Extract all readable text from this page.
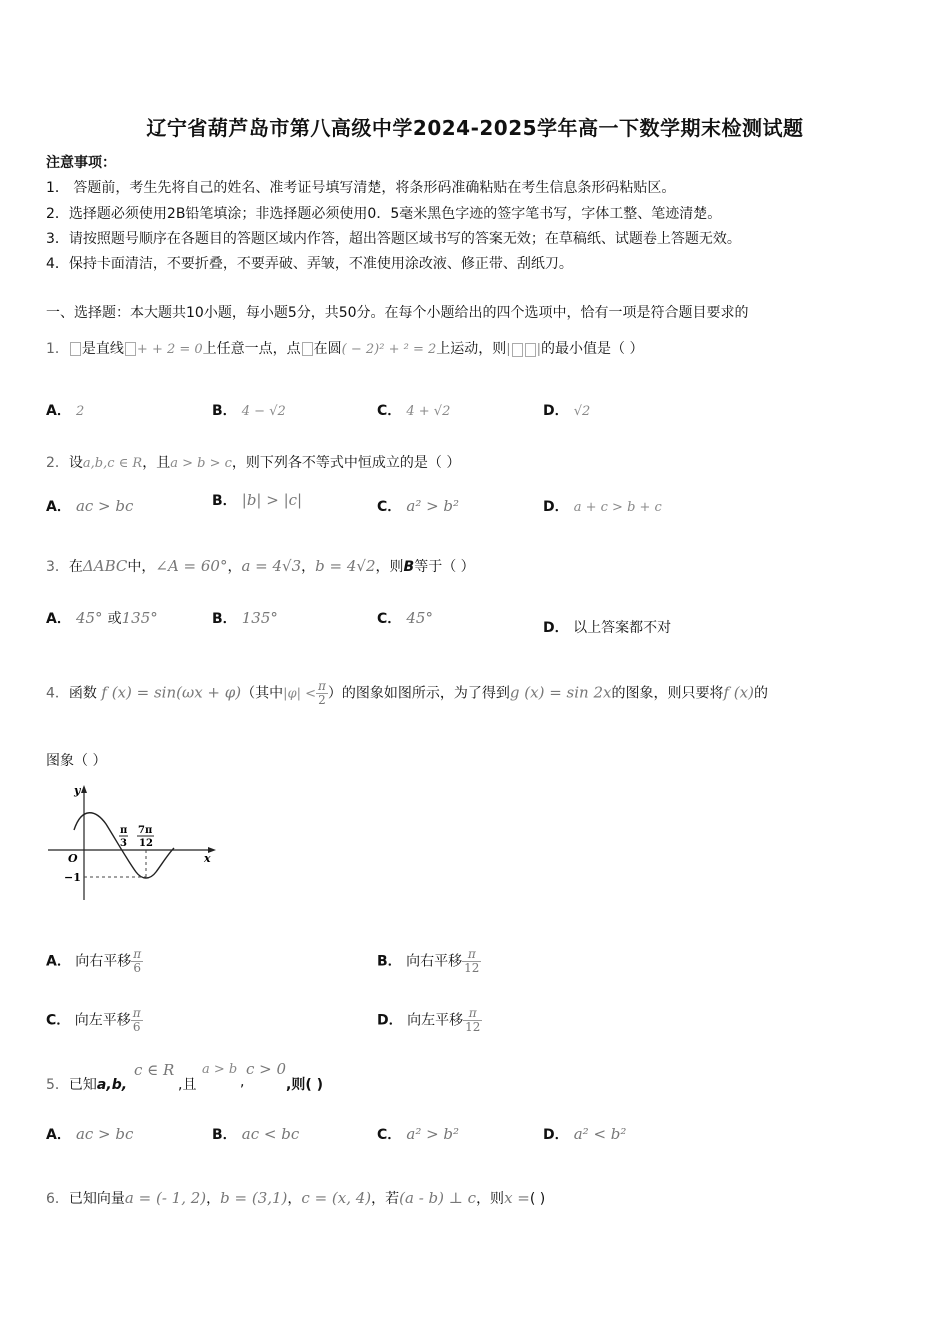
辽宁省葫芦岛市第八高级中学2024-2025学年高一下数学期末检测试题
注意事项：
1． 答题前，考生先将自己的姓名、准考证号填写清楚，将条形码准确粘贴在考生信息条形码粘贴区。
2．选择题必须使用2B铅笔填涂；非选择题必须使用0．5毫米黑色字迹的签字笔书写，字体工整、笔迹清楚。
3．请按照题号顺序在各题目的答题区域内作答，超出答题区域书写的答案无效；在草稿纸、试题卷上答题无效。
4．保持卡面清洁，不要折叠，不要弄破、弄皱，不准使用涂改液、修正带、刮纸刀。
一、选择题：本大题共10小题，每小题5分，共50分。在每个小题给出的四个选项中，恰有一项是符合题目要求的
1． 是直线 + + 2 = 0上任意一点，点 在圆( − 2)² + ² = 2上运动，则| |的最小值是（ ）
A． 2	B． 4 − √2	C． 4 + √2	D． √2
2．设a,b,c ∈ R，且a > b > c，则下列各不等式中恒成立的是（ ）
A． ac > bc	B． |b| > |c|	C． a² > b²	D． a + c > b + c
3．在ΔABC中，∠A = 60°，a = 4√3，b = 4√2，则B等于（ ）
A． 45° 或135°	B． 135°	C． 45°
D． 以上答案都不对
4．函数 f (x) = sin(ωx + φ)（其中$|\varphi| < \frac{\pi}{2}$ ）的图象如图所示，为了得到g (x) = sin 2x的图象，则只要将f (x)的
图象（ ）
y
x
O
−1
π
3
7π
12
A． 向右平移 $\frac{\pi}{6}$	B． 向右平移 $\frac{\pi}{12}$
C． 向左平移 $\frac{\pi}{6}$	D． 向左平移 $\frac{\pi}{12}$
5．已知a,b,
c ∈ R
,且
a > b
,
c > 0
,则( )
A． ac > bc	B． ac < bc	C． a² > b²	D． a² < b²
6．已知向量a = (- 1, 2)，b = (3,1)，c = (x, 4)，若(a - b) ⊥ c，则x =( )
